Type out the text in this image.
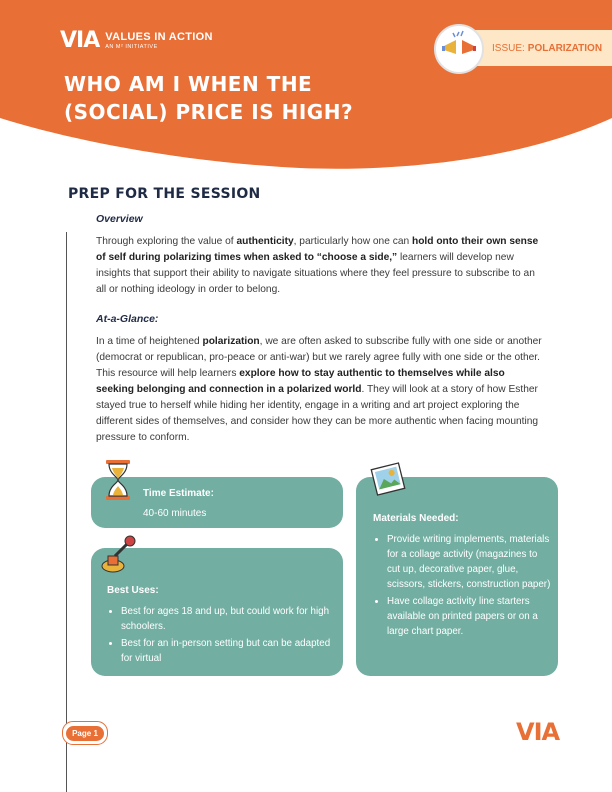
VIA VALUES IN ACTION
AN M² INITIATIVE
WHO AM I WHEN THE
(SOCIAL) PRICE IS HIGH?
ISSUE: POLARIZATION
PREP FOR THE SESSION
Overview
Through exploring the value of authenticity, particularly how one can hold onto their own sense of self during polarizing times when asked to “choose a side,” learners will develop new insights that support their ability to navigate situations where they feel pressure to subscribe to an all or nothing ideology in order to belong.
At-a-Glance:
In a time of heightened polarization, we are often asked to subscribe fully with one side or another (democrat or republican, pro-peace or anti-war) but we rarely agree fully with one side or the other. This resource will help learners explore how to stay authentic to themselves while also seeking belonging and connection in a polarized world. They will look at a story of how Esther stayed true to herself while hiding her identity, engage in a writing and art project exploring the different sides of themselves, and consider how they can be more authentic when facing mounting pressure to conform.
Time Estimate:
40-60 minutes
Best Uses:
• Best for ages 18 and up, but could work for high schoolers.
• Best for an in-person setting but can be adapted for virtual
Materials Needed:
• Provide writing implements, materials for a collage activity (magazines to cut up, decorative paper, glue, scissors, stickers, construction paper)
• Have collage activity line starters available on printed papers or on a large chart paper.
Page 1	VIA
